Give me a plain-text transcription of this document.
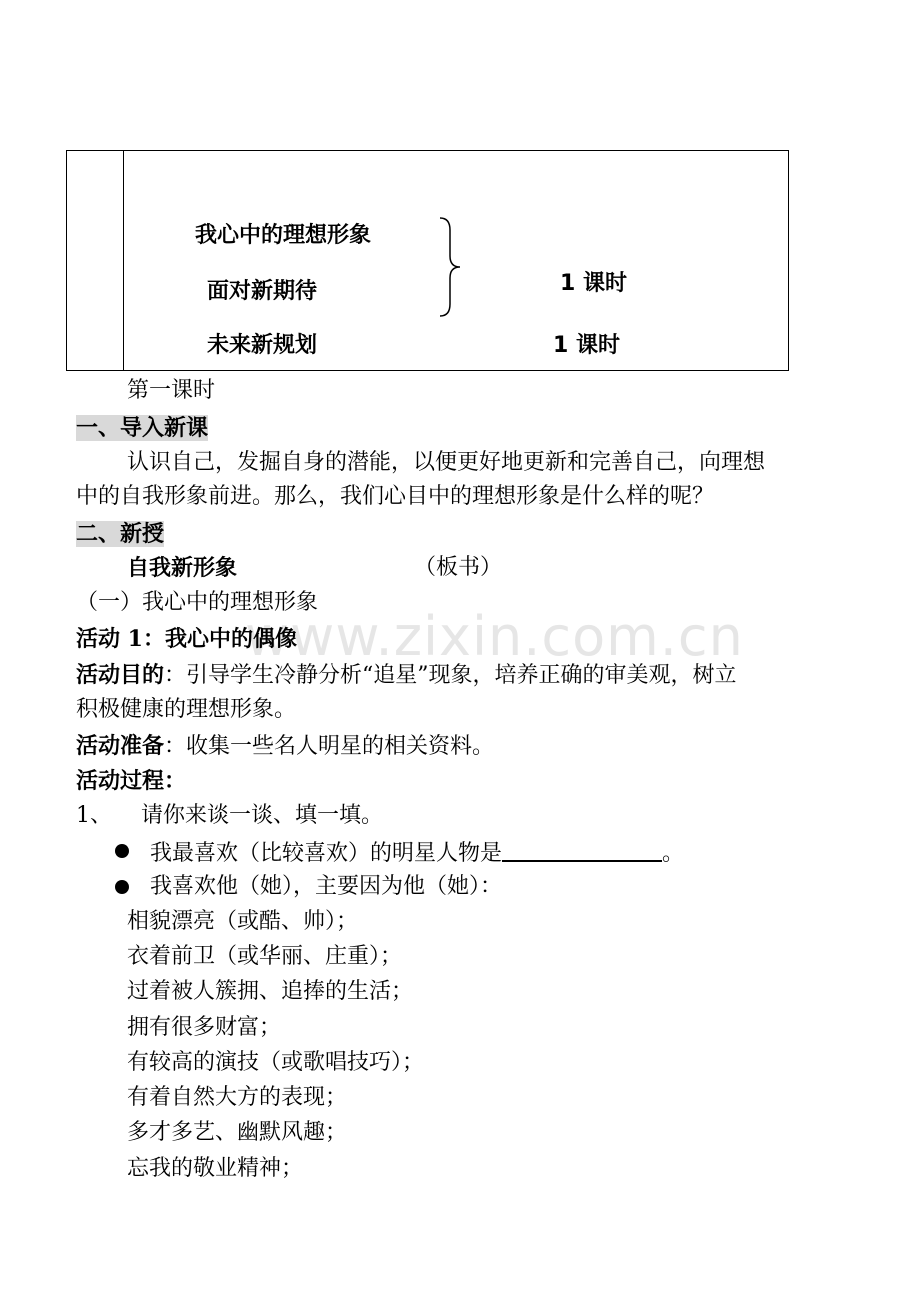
我心中的理想形象
面对新期待
未来新规划
1 课时
1 课时
第一课时
一、导入新课
认识自己，发掘自身的潜能，以便更好地更新和完善自己，向理想
中的自我形象前进。那么，我们心目中的理想形象是什么样的呢？
二、新授
自我新形象	（板书）
（一）我心中的理想形象
www.zixin.com.cn
活动 1：我心中的偶像
活动目的：引导学生冷静分析“追星”现象，培养正确的审美观，树立
积极健康的理想形象。
活动准备：收集一些名人明星的相关资料。
活动过程：
1、 请你来谈一谈、填一填。
我最喜欢（比较喜欢）的明星人物是	。
我喜欢他（她），主要因为他（她）：
相貌漂亮（或酷、帅）；
衣着前卫（或华丽、庄重）；
过着被人簇拥、追捧的生活；
拥有很多财富；
有较高的演技（或歌唱技巧）；
有着自然大方的表现；
多才多艺、幽默风趣；
忘我的敬业精神；
